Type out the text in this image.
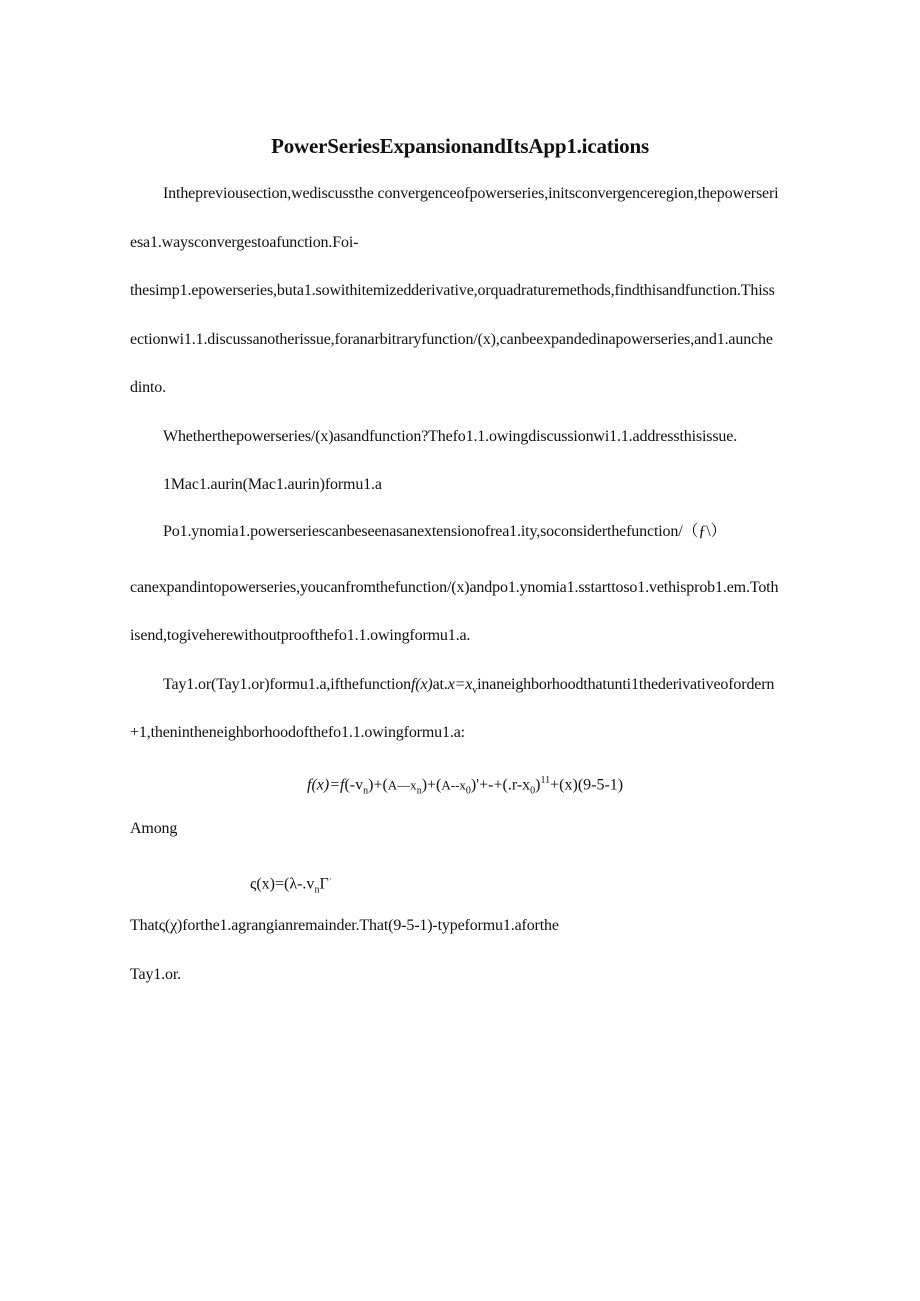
PowerSeriesExpansionandItsApp1.ications
Inthepreviousection,wediscussthe convergenceofpowerseries,initsconvergenceregion,thepowerseri
esa1.waysconvergestoafunction.Foi-
thesimp1.epowerseries,buta1.sowithitemizedderivative,orquadraturemethods,findthisandfunction.Thiss
ectionwi1.1.discussanotherissue,foranarbitraryfunction/(x),canbeexpandedinapowerseries,and1.aunche
dinto.
Whetherthepowerseries/(x)asandfunction?Thefo1.1.owingdiscussionwi1.1.addressthisissue.
1Mac1.aurin(Mac1.aurin)formu1.a
Po1.ynomia1.powerseriescanbeseenasanextensionofrea1.ity,soconsiderthefunction/（ƒ\）
canexpandintopowerseries,youcanfromthefunction/(x)andpo1.ynomia1.sstarttoso1.vethisprob1.em.Toth
isend,togiveherewithoutproofthefo1.1.owingformu1.a.
$Tay1.or(Tay1.or)formu1.a,ifthefunctionf(x)at.x=x_vinaneighborhoodthatunti1thederivativeofordern$
+1,thenintheneighborhoodofthefo1.1.owingformu1.a:
$f(x)=f(-v_n)+(A—x_n)+(A--x_0)'+-+(.r-x_0)^{11}+(x)(9-5-1)$
Among
$\varsigma(x)=(\lambda-.v_n\Gamma^\cdot$
Thatς(χ)forthe1.agrangianremainder.That(9-5-1)-typeformu1.aforthe
Tay1.or.
